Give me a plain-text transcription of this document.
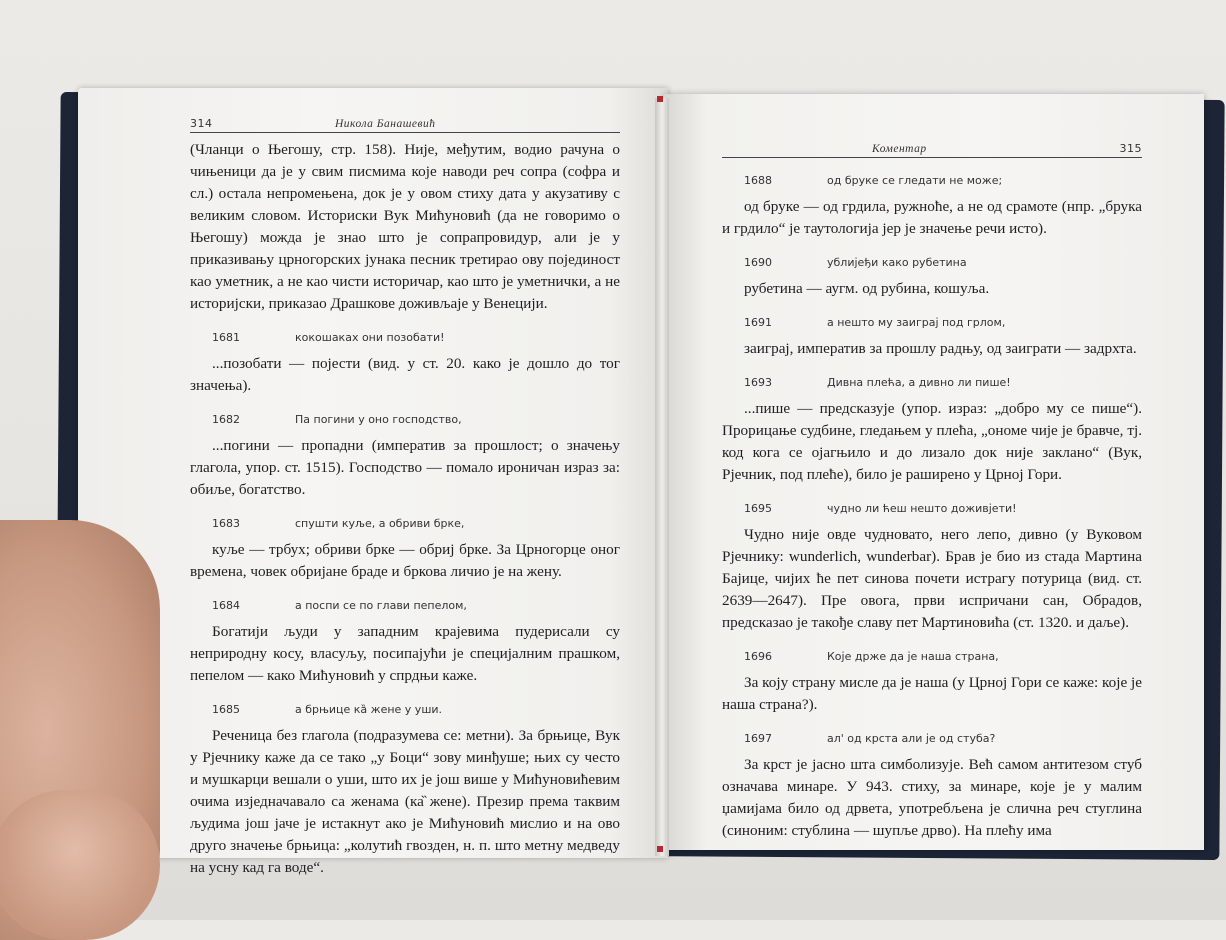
314	Никола Банашевић

(Чланци о Његошу, стр. 158). Није, међутим, водио рачуна о чињеници да је у свим писмима које наводи реч сопра (софра и сл.) остала непромењена, док је у овом стиху дата у акузативу с великим словом. Историски Вук Мићуновић (да не говоримо о Његошу) можда је знао што је сопрапровидур, али је у приказивању црногорских јунака песник третирао ову појединост као уметник, а не као чисти историчар, као што је уметнички, а не историјски, приказао Драшкове доживљаје у Венецији.

1681	кокошаках они позобати!

...позобати — појести (вид. у ст. 20. како је дошло до тог значења).

1682	Па погини у оно господство,

...погини — пропадни (императив за прошлост; о значењу глагола, упор. ст. 1515). Господство — помало ироничан израз за: обиље, богатство.

1683	спушти куље, а обриви брке,

куље — трбух; обриви брке — обриј брке. За Црногорце оног времена, човек обријане браде и бркова личио је на жену.

1684	а поспи се по глави пепелом,

Богатији људи у западним крајевима пудерисали су неприродну косу, власуљу, посипајући је специјалним прашком, пепелом — како Мићуновић у спрдњи каже.

1685	а брњице ка̏ жене у уши.

Реченица без глагола (подразумева се: метни). За брњице, Вук у Рјечнику каже да се тако „у Боци“ зову минђуше; њих су често и мушкарци вешали о уши, што их је још више у Мићуновићевим очима изједначавало са женама (ка̏ жене). Презир према таквим људима још јаче је истакнут ако је Мићуновић мислио и на ово друго значење брњица: „колутић гвозден, н. п. што метну медведу на усну кад га воде“.

Коментар	315
1688	од бруке се гледати не може;

од бруке — од грдила, ружноће, а не од срамоте (нпр. „брука и грдило“ је таутологија јер је значење речи исто).

1690	ублијеђи како рубетина

рубетина — аугм. од рубина, кошуља.

1691	а нешто му заиграј под грлом,

заиграј, императив за прошлу радњу, од заиграти — задрхта.

1693	Дивна плећа, а дивно ли пише!

...пише — предсказује (упор. израз: „добро му се пише“). Прорицање судбине, гледањем у плећа, „ономе чије је бравче, тј. код кога се ојагњило и до лизало док није заклано“ (Вук, Рјечник, под плеће), било је раширено у Црној Гори.

1695	чудно ли ћеш нешто доживјети!

Чудно није овде чудновато, него лепо, дивно (у Вуковом Рјечнику: wunderlich, wunderbar). Брав је био из стада Мартина Бајице, чијих ће пет синова почети истрагу потурица (вид. ст. 2639—2647). Пре овога, први испричани сан, Обрадов, предсказао је такође славу пет Мартиновића (ст. 1320. и даље).

1696	Које држе да је наша страна,

За коју страну мисле да је наша (у Црној Гори се каже: које је наша страна?).

1697	ал' од крста али је од стуба?

За крст је јасно шта симболизује. Већ самом антитезом стуб означава минаре. У 943. стиху, за минаре, које је у малим џамијама било од дрвета, употребљена је слична реч стуглина (синоним: стублина — шупље дрво). На плећу има
